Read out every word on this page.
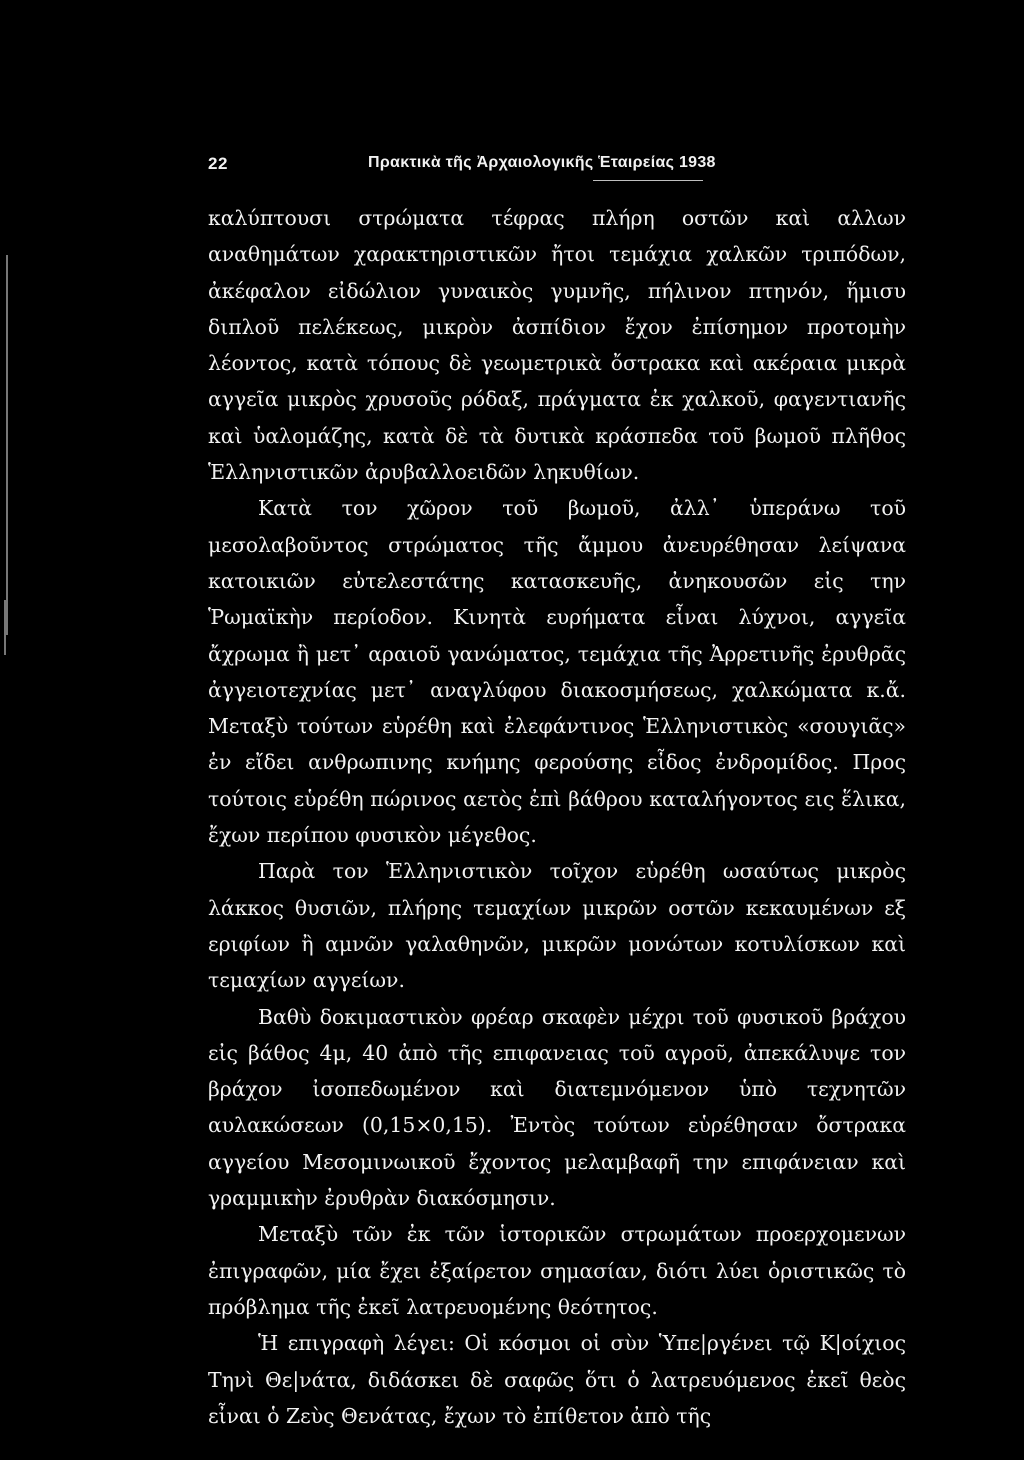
22	Πρακτικὰ τῆς Ἀρχαιολογικῆς Ἑταιρείας 1938

καλύπτουσι στρώματα τέφρας πλήρη οστῶν καὶ αλλων αναθημάτων χαρακτηριστικῶν ἤτοι τεμάχια χαλκῶν τριπόδων, ἀκέφαλον εἰδώλιον γυναικὸς γυμνῆς, πήλινον πτηνόν, ἥμισυ διπλοῦ πελέκεως, μικρὸν ἀσπίδιον ἔχον ἐπίσημον προτομὴν λέοντος, κατὰ τόπους δὲ γεωμετρικὰ ὄστρακα καὶ ακέραια μικρὰ αγγεῖα μικρὸς χρυσοῦς ρόδαξ, πράγματα ἐκ χαλκοῦ, φαγεντιανῆς καὶ ὑαλομάζης, κατὰ δὲ τὰ δυτικὰ κράσπεδα τοῦ βωμοῦ πλῆθος Ἑλληνιστικῶν ἀρυβαλλοειδῶν ληκυθίων.

Κατὰ τον χῶρον τοῦ βωμοῦ, ἀλλ᾿ ὑπεράνω τοῦ μεσολαβοῦντος στρώματος τῆς ἄμμου ἀνευρέθησαν λείψανα κατοικιῶν εὐτελεστάτης κατασκευῆς, ἀνηκουσῶν εἰς την Ῥωμαϊκὴν περίοδον. Κινητὰ ευρήματα εἶναι λύχνοι, αγγεῖα ἄχρωμα ἢ μετ᾿ αραιοῦ γανώματος, τεμάχια τῆς Ἀρρετινῆς ἐρυθρᾶς ἀγγειοτεχνίας μετ᾿ αναγλύφου διακοσμήσεως, χαλκώματα κ.ἄ. Μεταξὺ τούτων εὑρέθη καὶ ἐλεφάντινος Ἑλληνιστικὸς «σουγιᾶς» ἐν εἴδει ανθρωπινης κνήμης φερούσης εἶδος ἐνδρομίδος. Προς τούτοις εὑρέθη πώρινος αετὸς ἐπὶ βάθρου καταλήγοντος εις ἕλικα, ἔχων περίπου φυσικὸν μέγεθος.

Παρὰ τον Ἑλληνιστικὸν τοῖχον εὑρέθη ωσαύτως μικρὸς λάκκος θυσιῶν, πλήρης τεμαχίων μικρῶν οστῶν κεκαυμένων εξ εριφίων ἢ αμνῶν γαλαθηνῶν, μικρῶν μονώτων κοτυλίσκων καὶ τεμαχίων αγγείων.

Βαθὺ δοκιμαστικὸν φρέαρ σκαφὲν μέχρι τοῦ φυσικοῦ βράχου εἰς βάθος 4μ, 40 ἀπὸ τῆς επιφανειας τοῦ αγροῦ, ἀπεκάλυψε τον βράχον ἰσοπεδωμένον καὶ διατεμνόμενον ὑπὸ τεχνητῶν αυλακώσεων (0,15×0,15). Ἐντὸς τούτων εὑρέθησαν ὄστρακα αγγείου Μεσομινωικοῦ ἔχοντος μελαμβαφῆ την επιφάνειαν καὶ γραμμικὴν ἐρυθρὰν διακόσμησιν.

Μεταξὺ τῶν ἐκ τῶν ἱστορικῶν στρωμάτων προερχομενων ἐπιγραφῶν, μία ἔχει ἐξαίρετον σημασίαν, διότι λύει ὁριστικῶς τὸ πρόβλημα τῆς ἐκεῖ λατρευομένης θεότητος.

Ἡ επιγραφὴ λέγει: Οἱ κόσμοι οἱ σὺν Ὑπε|ργένει τῷ Κ|οίχιος Τηνὶ Θε|νάτα, διδάσκει δὲ σαφῶς ὅτι ὁ λατρευόμενος ἐκεῖ θεὸς εἶναι ὁ Ζεὺς Θενάτας, ἔχων τὸ ἐπίθετον ἀπὸ τῆς
